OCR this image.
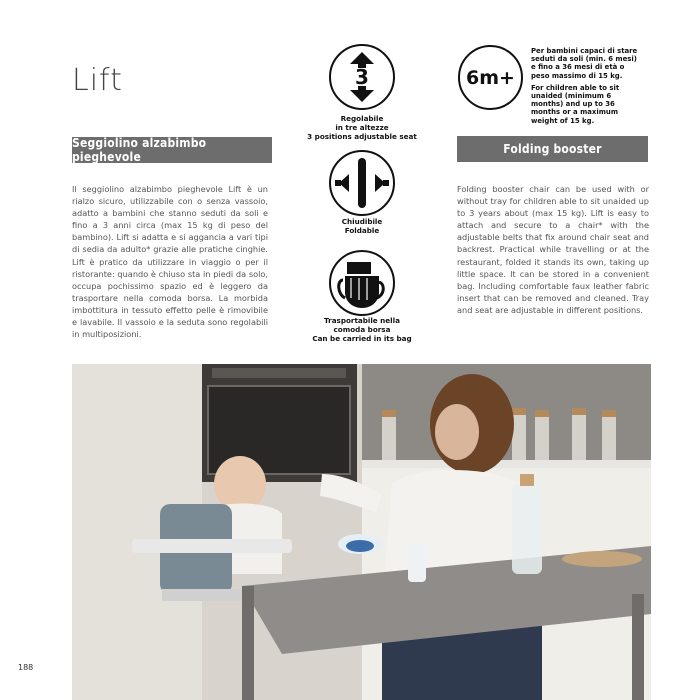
Lift
Seggiolino alzabimbo pieghevole
Il seggiolino alzabimbo pieghevole Lift è un rialzo sicuro, utilizzabile con o senza vassoio, adatto a bambini che stanno seduti da soli e fino a 3 anni circa (max 15 kg di peso del bambino). Lift si adatta e si aggancia a vari tipi di sedia da adulto* grazie alle pratiche cinghie. Lift è pratico da utilizzare in viaggio o per il ristorante: quando è chiuso sta in piedi da solo, occupa pochissimo spazio ed è leggero da trasportare nella comoda borsa. La morbida imbottitura in tessuto effetto pelle è rimovibile e lavabile. Il vassoio e la seduta sono regolabili in multiposizioni.
3
Regolabile
in tre altezze
3 positions adjustable seat
Chiudibile
Foldable
Trasportabile nella
comoda borsa
Can be carried in its bag
6m+
Per bambini capaci di stare
seduti da soli (min. 6 mesi)
e fino a 36 mesi di età o
peso massimo di 15 kg.
For children able to sit
unaided (minimum 6
months) and up to 36
months or a maximum
weight of 15 kg.
Folding booster
Folding booster chair can be used with or without tray for children able to sit unaided up to 3 years about (max 15 kg). Lift is easy to attach and secure to a chair* with the adjustable belts that fix around chair seat and backrest. Practical while travelling or at the restaurant, folded it stands its own, taking up little space. It can be stored in a convenient bag. Including comfortable faux leather fabric insert that can be removed and cleaned. Tray and seat are adjustable in different positions.
188
